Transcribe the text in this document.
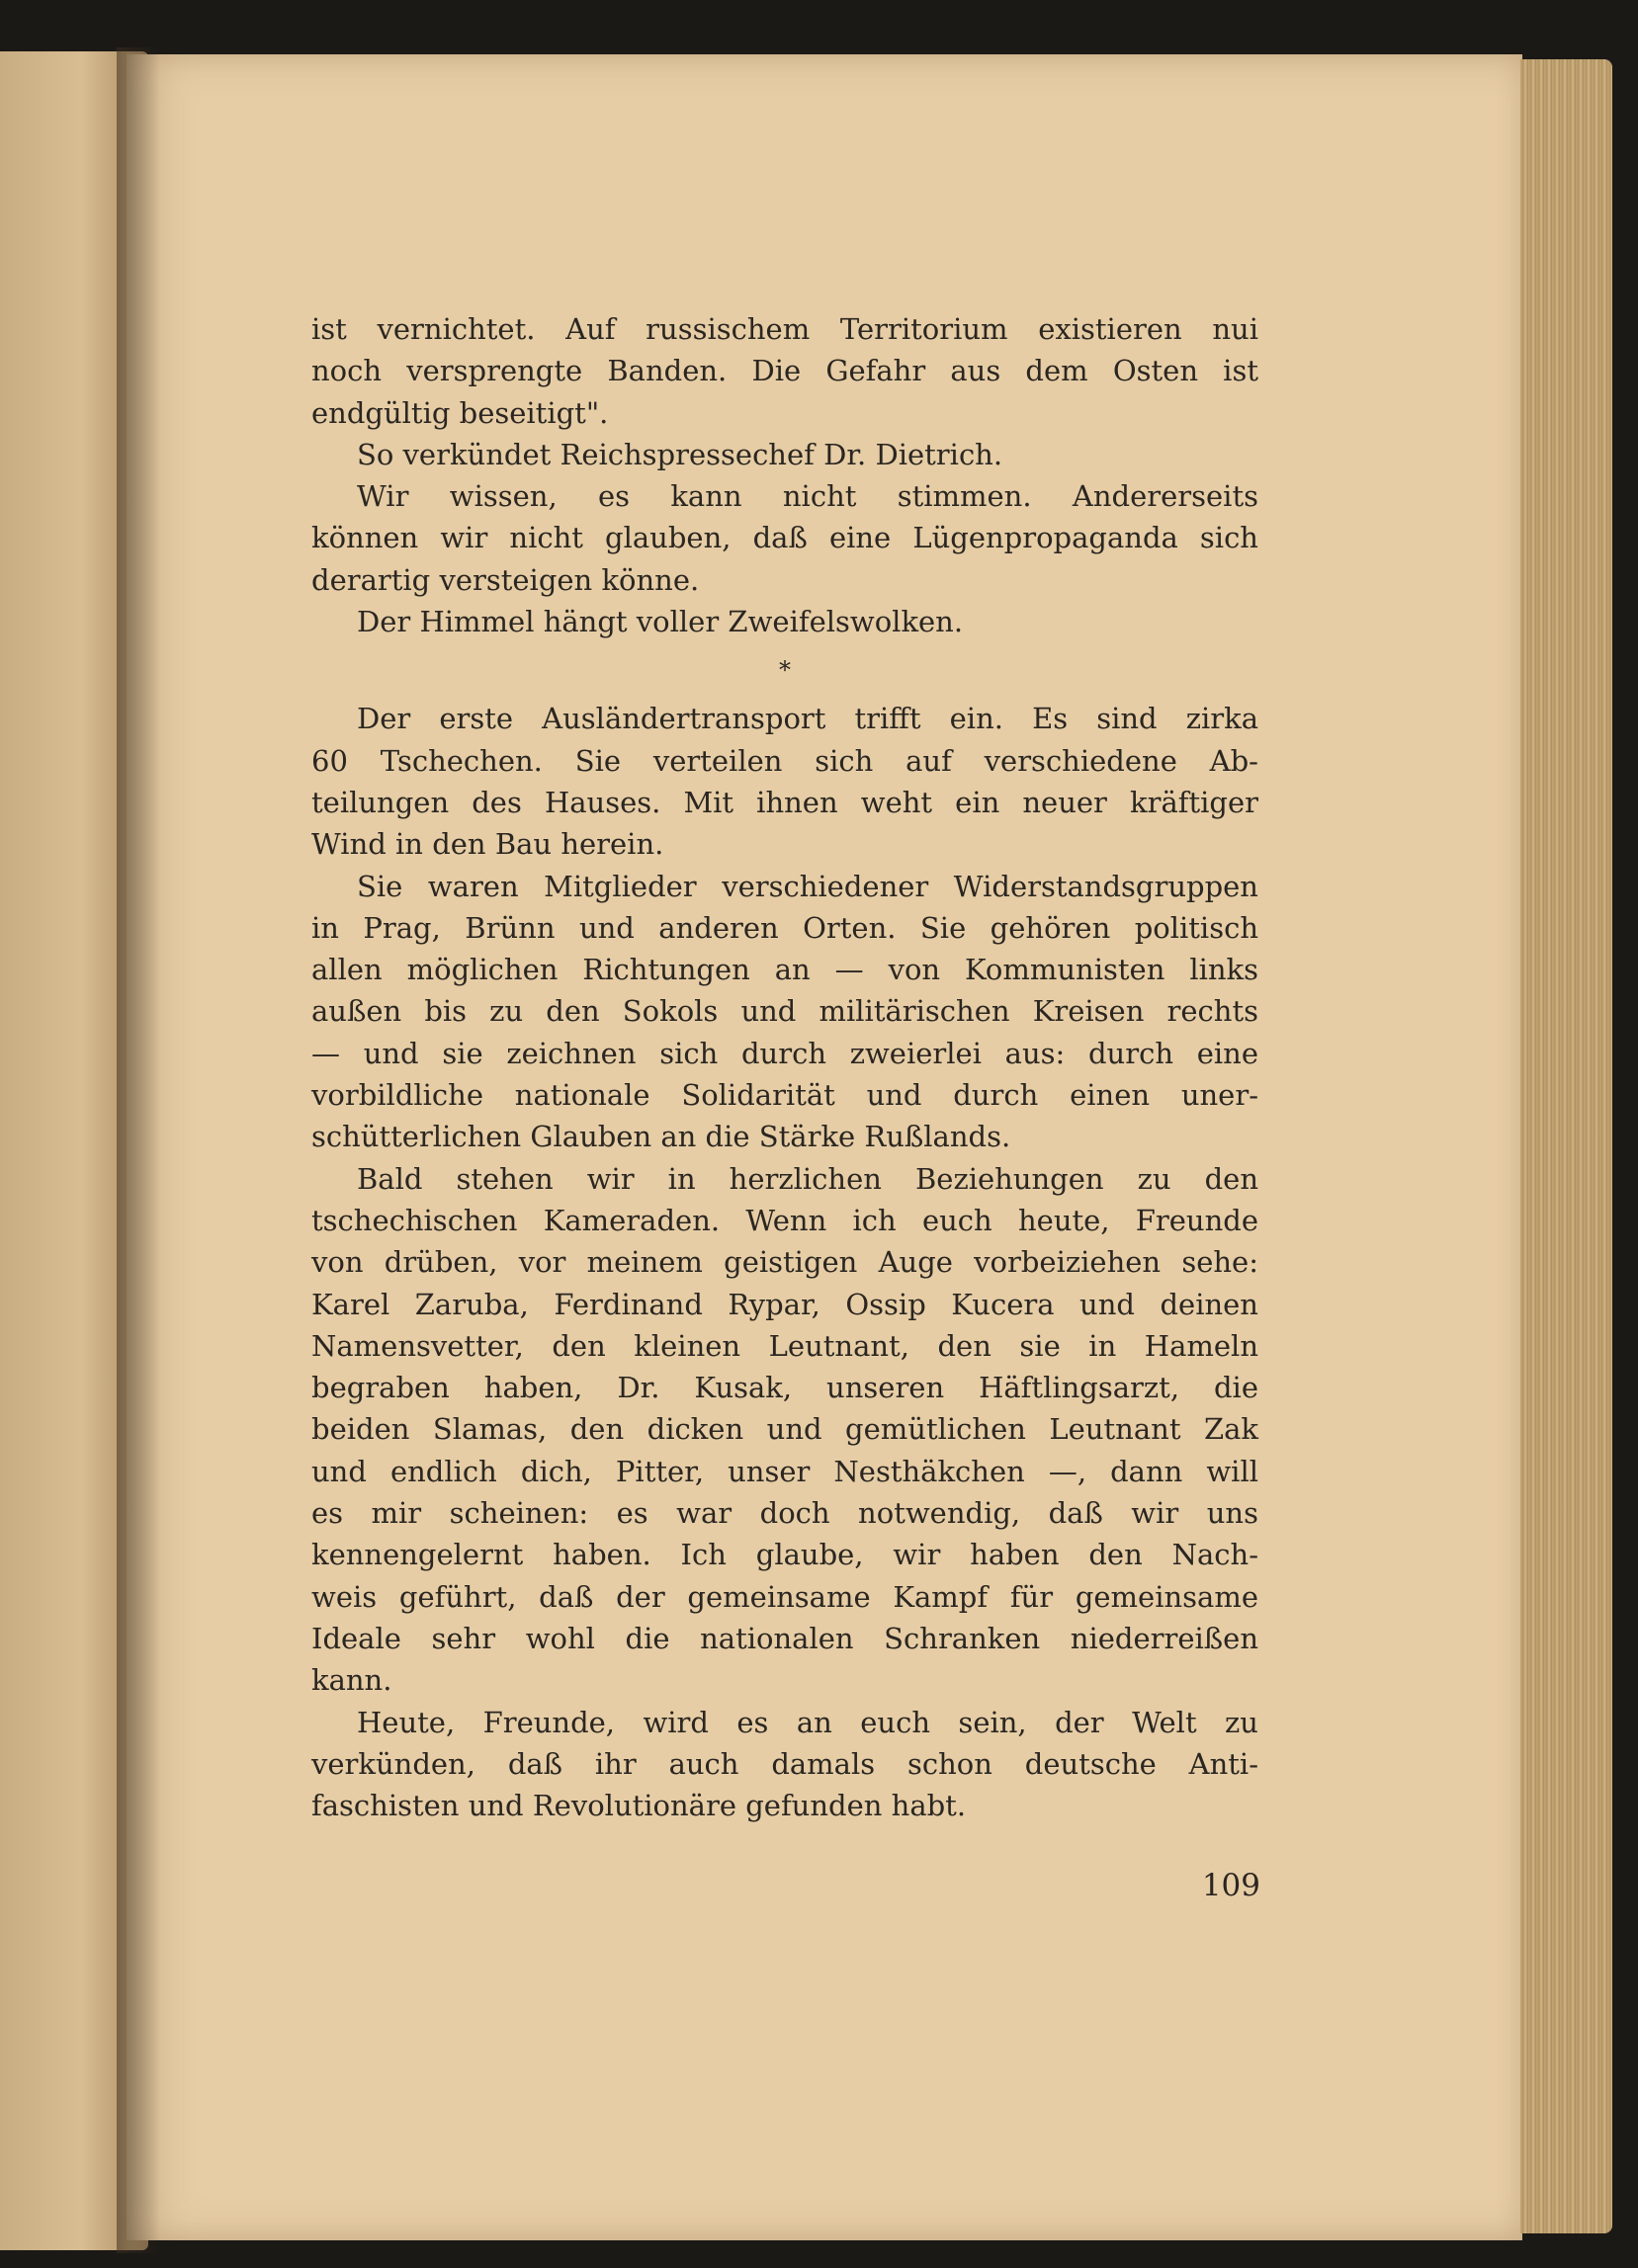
ist vernichtet. Auf russischem Territorium existieren nui
noch versprengte Banden. Die Gefahr aus dem Osten ist
endgültig beseitigt".
So verkündet Reichspressechef Dr. Dietrich.
Wir wissen, es kann nicht stimmen. Andererseits
können wir nicht glauben, daß eine Lügenpropaganda sich
derartig versteigen könne.
Der Himmel hängt voller Zweifelswolken.
*
Der erste Ausländertransport trifft ein. Es sind zirka
60 Tschechen. Sie verteilen sich auf verschiedene Ab-
teilungen des Hauses. Mit ihnen weht ein neuer kräftiger
Wind in den Bau herein.
Sie waren Mitglieder verschiedener Widerstandsgruppen
in Prag, Brünn und anderen Orten. Sie gehören politisch
allen möglichen Richtungen an — von Kommunisten links
außen bis zu den Sokols und militärischen Kreisen rechts
— und sie zeichnen sich durch zweierlei aus: durch eine
vorbildliche nationale Solidarität und durch einen uner-
schütterlichen Glauben an die Stärke Rußlands.
Bald stehen wir in herzlichen Beziehungen zu den
tschechischen Kameraden. Wenn ich euch heute, Freunde
von drüben, vor meinem geistigen Auge vorbeiziehen sehe:
Karel Zaruba, Ferdinand Rypar, Ossip Kucera und deinen
Namensvetter, den kleinen Leutnant, den sie in Hameln
begraben haben, Dr. Kusak, unseren Häftlingsarzt, die
beiden Slamas, den dicken und gemütlichen Leutnant Zak
und endlich dich, Pitter, unser Nesthäkchen —, dann will
es mir scheinen: es war doch notwendig, daß wir uns
kennengelernt haben. Ich glaube, wir haben den Nach-
weis geführt, daß der gemeinsame Kampf für gemeinsame
Ideale sehr wohl die nationalen Schranken niederreißen
kann.
Heute, Freunde, wird es an euch sein, der Welt zu
verkünden, daß ihr auch damals schon deutsche Anti-
faschisten und Revolutionäre gefunden habt.
109
